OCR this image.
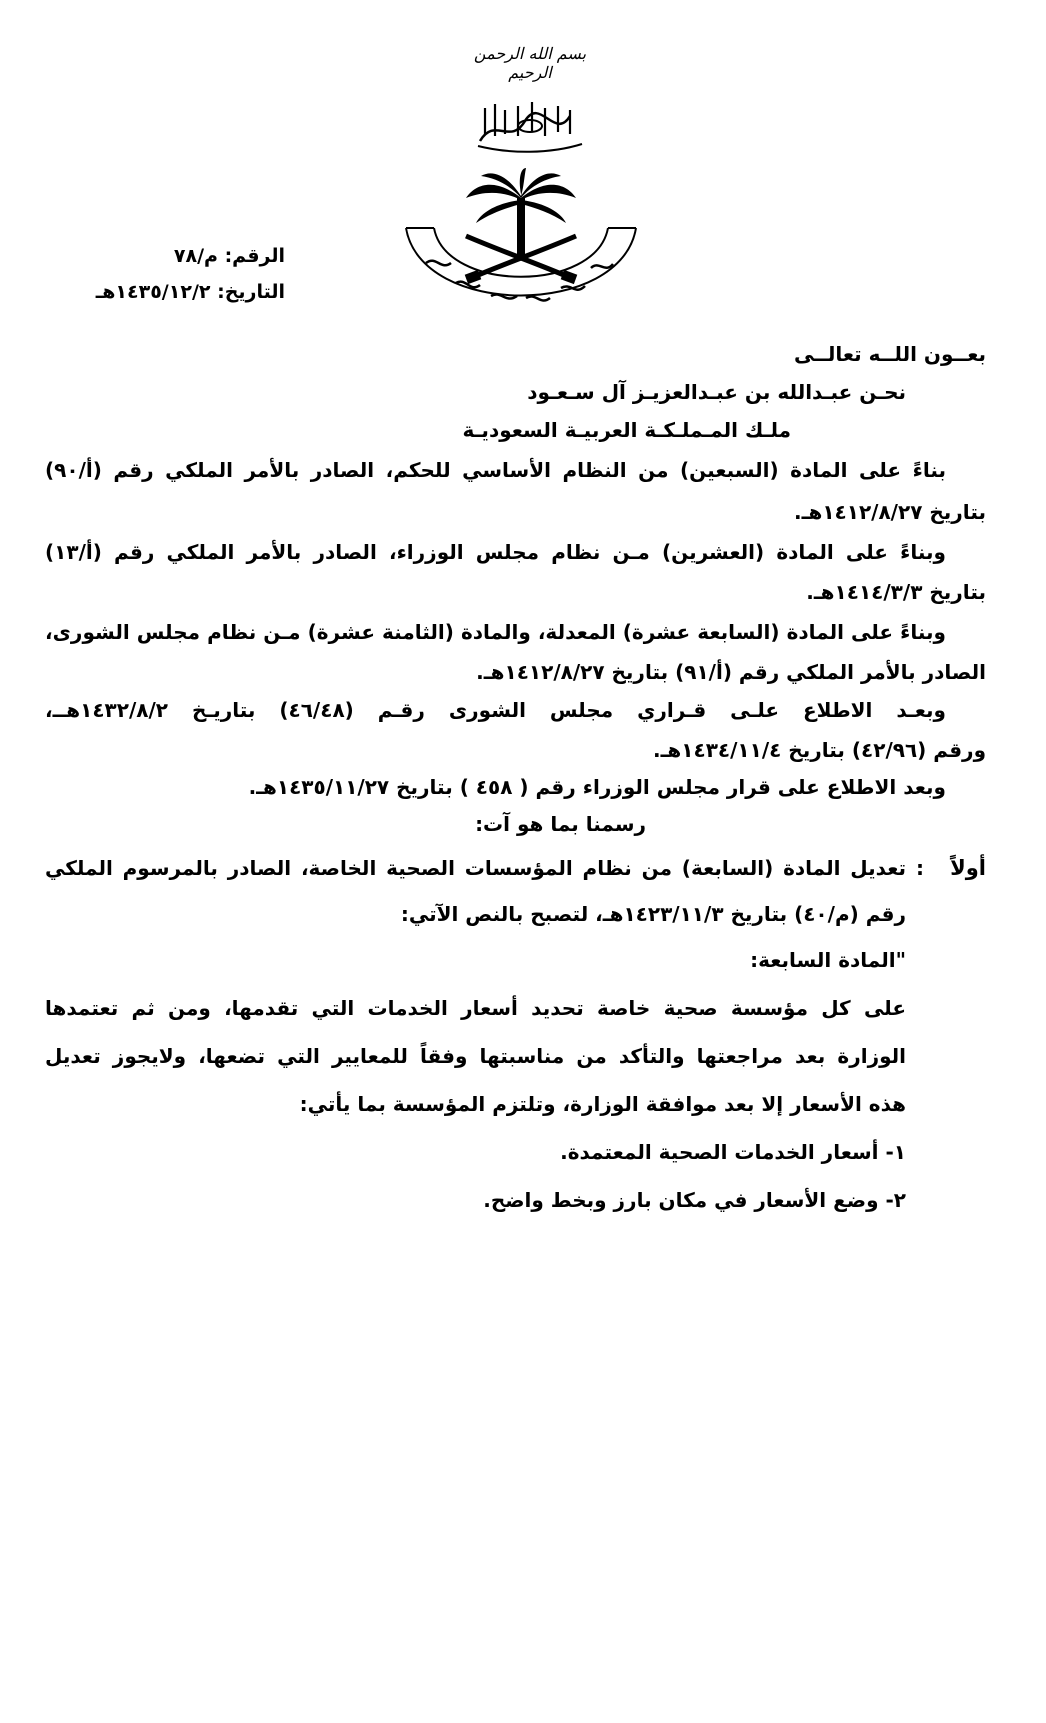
بسم الله الرحمن الرحيم
الرقم: م/٧٨
التاريخ: ١٤٣٥/١٢/٢هـ
بعــون اللــه تعالــى
نحـن عبـدالله بن عبـدالعزيـز آل سـعـود
ملـك المـملـكـة العربيـة السعوديـة
بناءً على المادة (السبعين) من النظام الأساسي للحكم، الصادر بالأمر الملكي رقم (أ/٩٠)
بتاريخ ١٤١٢/٨/٢٧هـ.
وبناءً على المادة (العشرين) مـن نظام مجلس الوزراء، الصادر بالأمر الملكي رقم (أ/١٣)
بتاريخ ١٤١٤/٣/٣هـ.
وبناءً على المادة (السابعة عشرة) المعدلة، والمادة (الثامنة عشرة) مـن نظام مجلس الشورى،
الصادر بالأمر الملكي رقم (أ/٩١) بتاريخ ١٤١٢/٨/٢٧هـ.
وبعـد الاطلاع علـى قـراري مجلس الشورى رقـم (٤٦/٤٨) بتاريـخ ١٤٣٢/٨/٢هــ،
ورقم (٤٢/٩٦) بتاريخ ١٤٣٤/١١/٤هـ.
وبعد الاطلاع على قرار مجلس الوزراء رقم ( ٤٥٨ ) بتاريخ ١٤٣٥/١١/٢٧هـ.
رسمنا بما هو آت:
أولاً
:
تعديل المادة (السابعة) من نظام المؤسسات الصحية الخاصة، الصادر بالمرسوم الملكي
رقم (م/٤٠) بتاريخ ١٤٢٣/١١/٣هـ، لتصبح بالنص الآتي:
"المادة السابعة:
على كل مؤسسة صحية خاصة تحديد أسعار الخدمات التي تقدمها، ومن ثم تعتمدها
الوزارة بعد مراجعتها والتأكد من مناسبتها وفقاً للمعايير التي تضعها، ولايجوز تعديل
هذه الأسعار إلا بعد موافقة الوزارة، وتلتزم المؤسسة بما يأتي:
١- أسعار الخدمات الصحية المعتمدة.
٢- وضع الأسعار في مكان بارز وبخط واضح.
